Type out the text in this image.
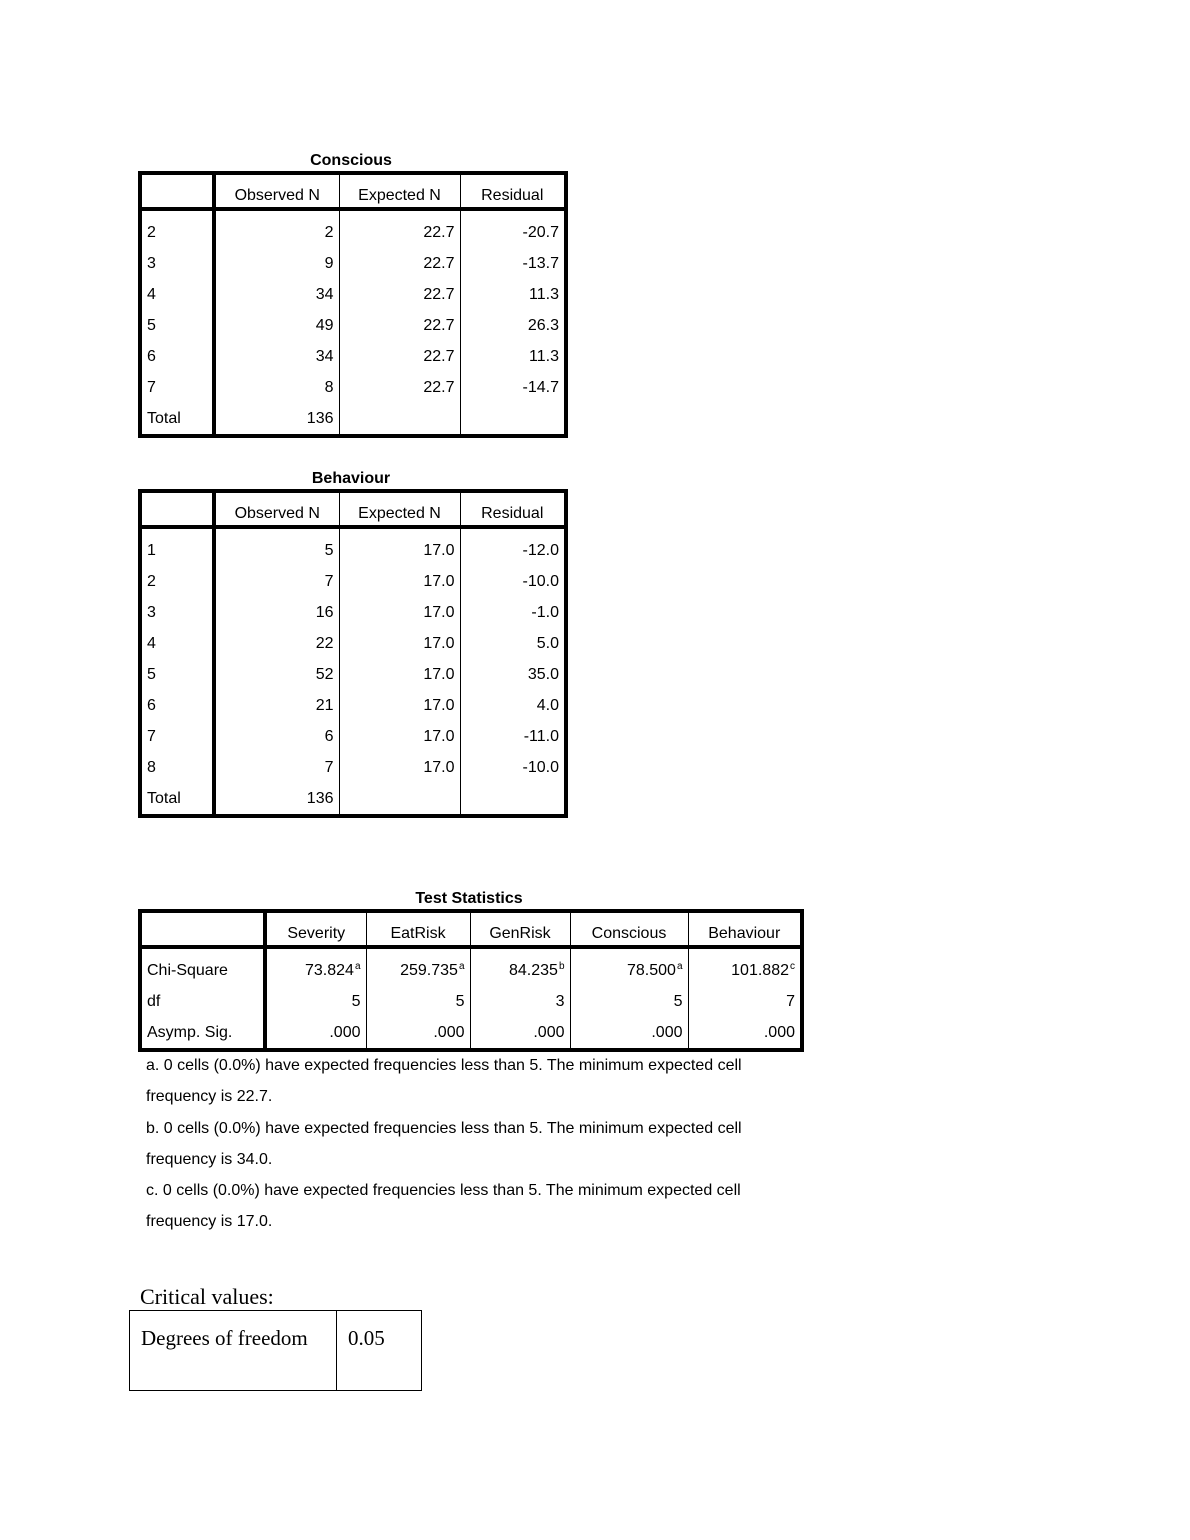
Conscious
	Observed N	Expected N	Residual
2	2	22.7	-20.7
3	9	22.7	-13.7
4	34	22.7	11.3
5	49	22.7	26.3
6	34	22.7	11.3
7	8	22.7	-14.7
Total	136		
Behaviour
	Observed N	Expected N	Residual
1	5	17.0	-12.0
2	7	17.0	-10.0
3	16	17.0	-1.0
4	22	17.0	5.0
5	52	17.0	35.0
6	21	17.0	4.0
7	6	17.0	-11.0
8	7	17.0	-10.0
Total	136		
Test Statistics
	Severity	EatRisk	GenRisk	Conscious	Behaviour
Chi-Square	73.824$^a$	259.735$^a$	84.235$^b$	78.500$^a$	101.882$^c$
df	5	5	3	5	7
Asymp. Sig.	.000	.000	.000	.000	.000
a. 0 cells (0.0%) have expected frequencies less than 5. The minimum expected cell frequency is 22.7.
b. 0 cells (0.0%) have expected frequencies less than 5. The minimum expected cell frequency is 34.0.
c. 0 cells (0.0%) have expected frequencies less than 5. The minimum expected cell frequency is 17.0.
Critical values:
Degrees of freedom	0.05
